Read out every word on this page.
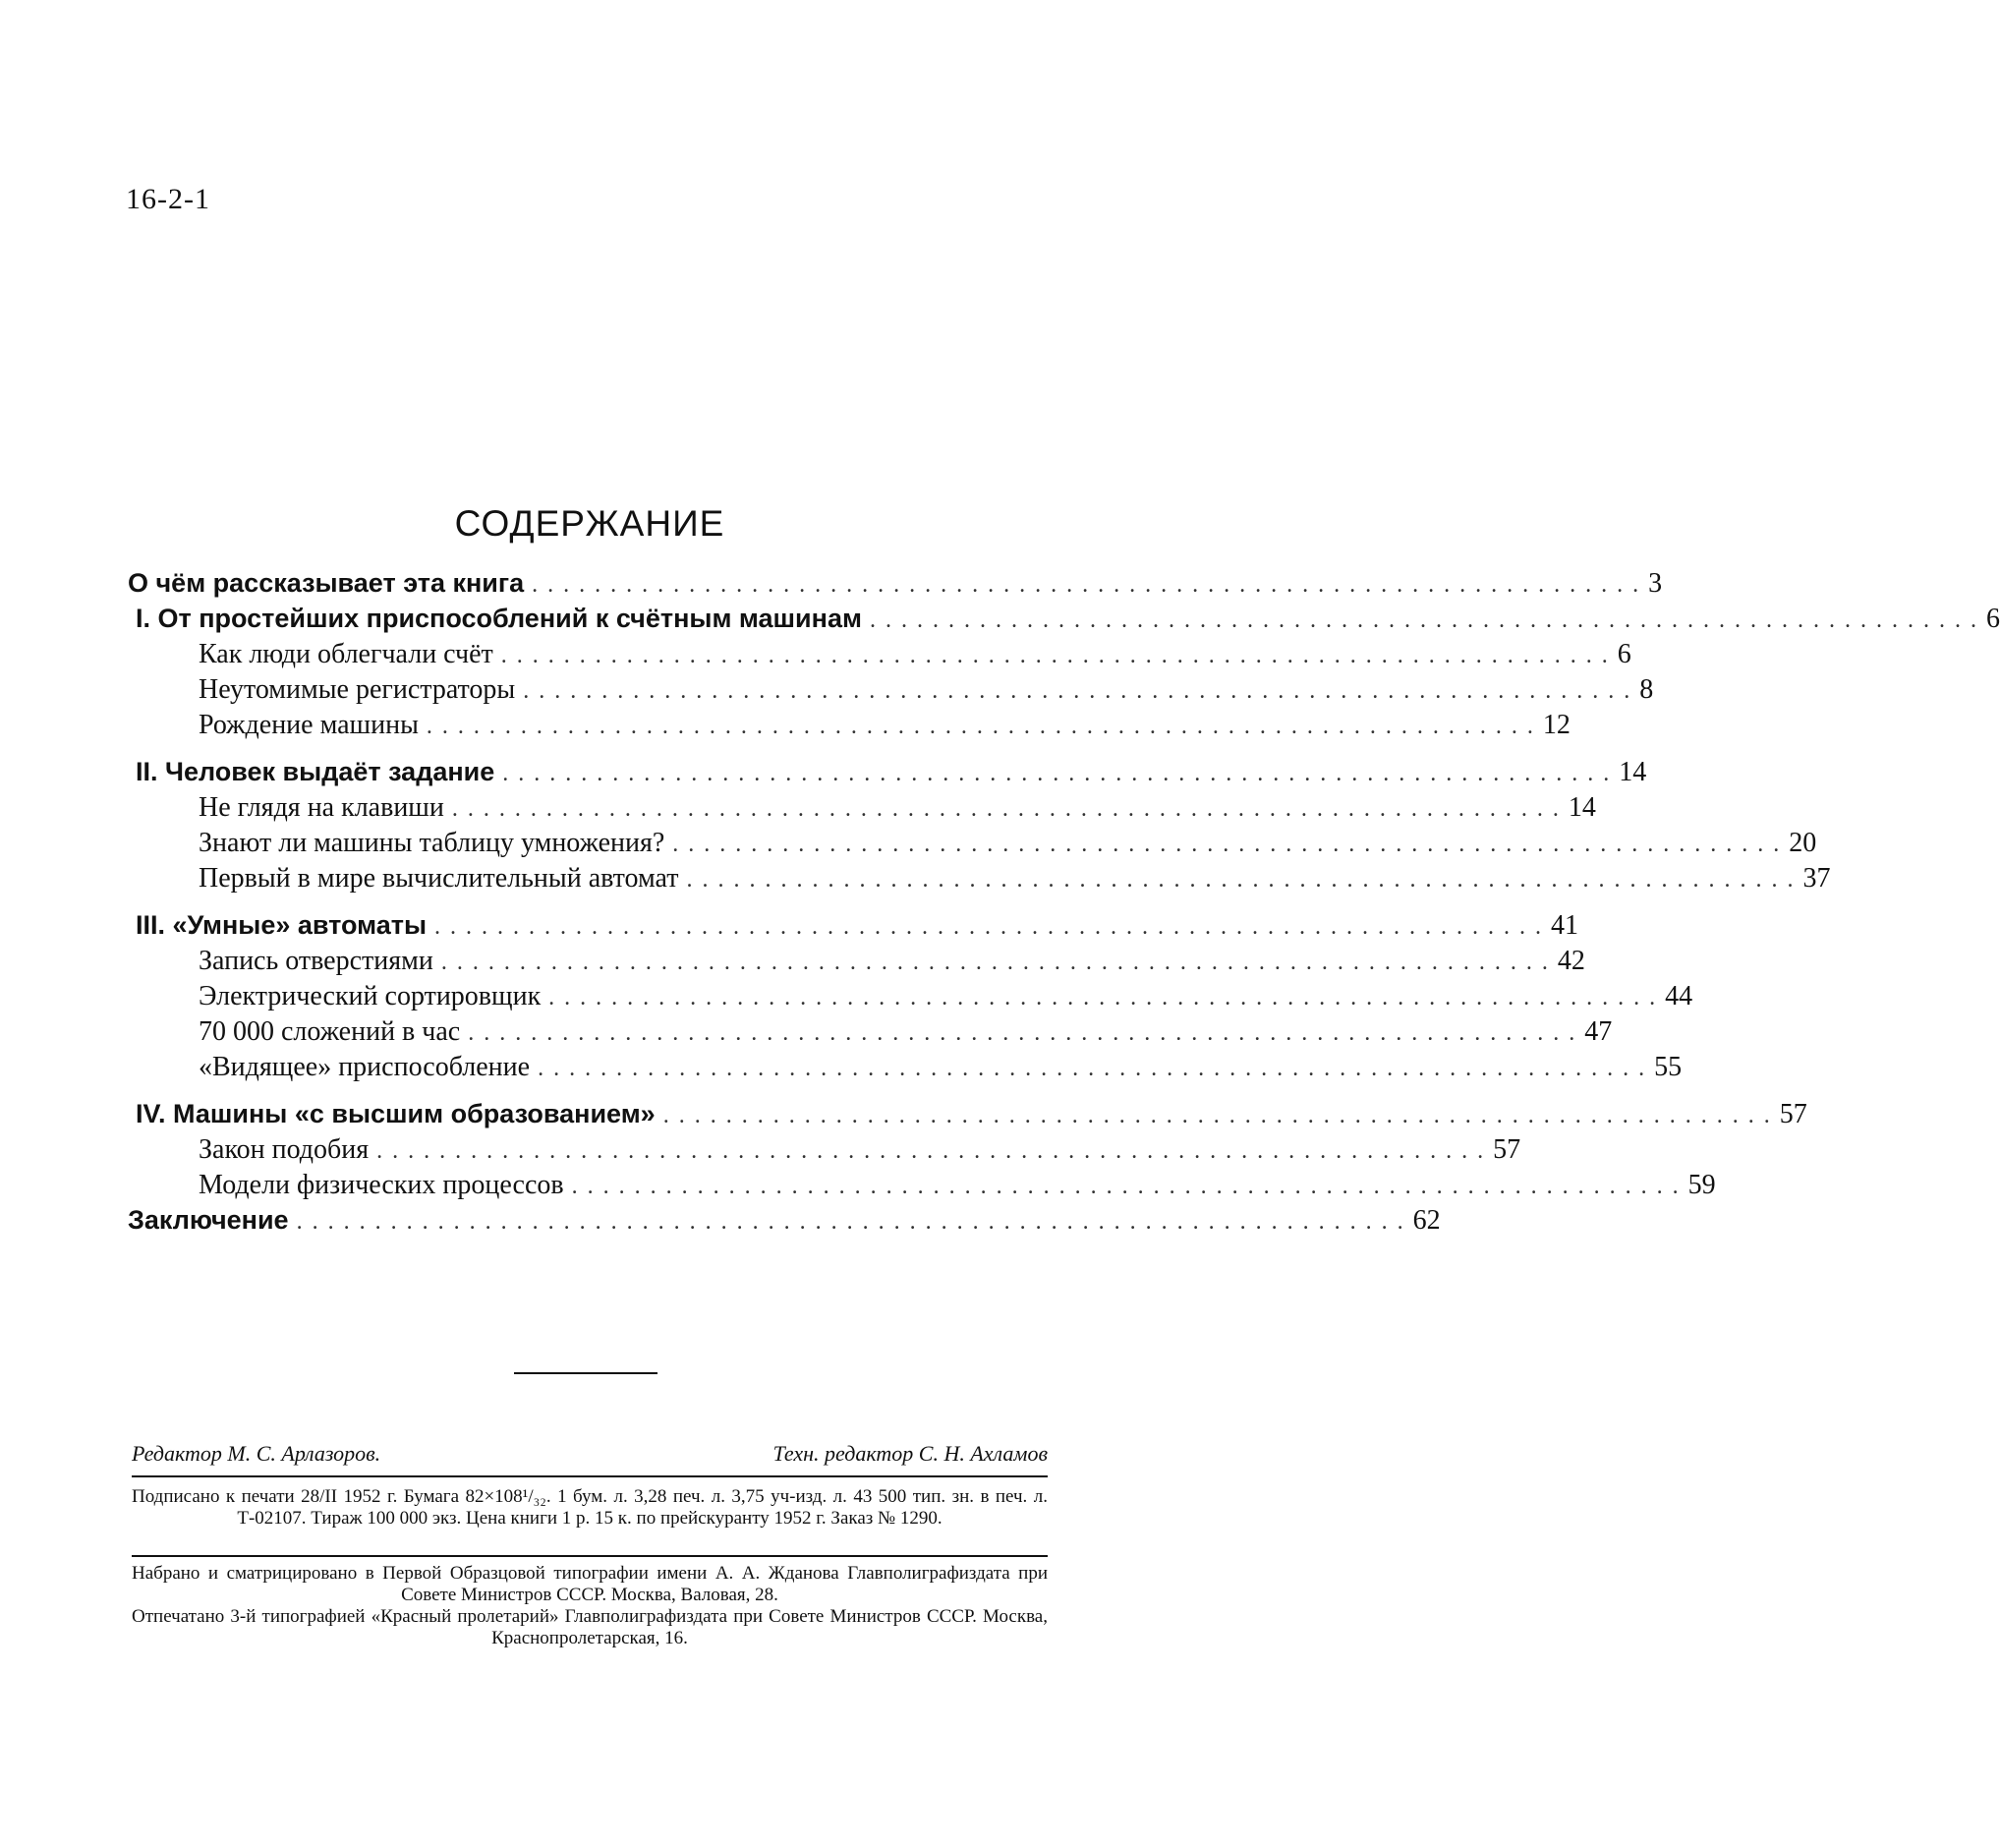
16-2-1
СОДЕРЖАНИЕ
О чём рассказывает эта книга ....................................................................... 3
I. От простейших приспособлений к счётным машинам ....................................................................... 6
Как люди облегчали счёт ....................................................................... 6
Неутомимые регистраторы ....................................................................... 8
Рождение машины ....................................................................... 12
II. Человек выдаёт задание ....................................................................... 14
Не глядя на клавиши ....................................................................... 14
Знают ли машины таблицу умножения? ....................................................................... 20
Первый в мире вычислительный автомат ....................................................................... 37
III. «Умные» автоматы ....................................................................... 41
Запись отверстиями ....................................................................... 42
Электрический сортировщик ....................................................................... 44
70 000 сложений в час ....................................................................... 47
«Видящее» приспособление ....................................................................... 55
IV. Машины «с высшим образованием» ....................................................................... 57
Закон подобия ....................................................................... 57
Модели физических процессов ....................................................................... 59
Заключение ....................................................................... 62
Редактор М. С. Арлазоров.	Техн. редактор С. Н. Ахламов
Подписано к печати 28/II 1952 г. Бумага 82×108¹/₃₂. 1 бум. л. 3,28 печ. л. 3,75 уч-изд. л. 43 500 тип. зн. в печ. л. Т-02107. Тираж 100 000 экз. Цена книги 1 р. 15 к. по прейскуранту 1952 г. Заказ № 1290.

Набрано и сматрицировано в Первой Образцовой типографии имени А. А. Жданова Главполиграфиздата при Совете Министров СССР. Москва, Валовая, 28.

Отпечатано 3-й типографией «Красный пролетарий» Главполиграфиздата при Совете Министров СССР. Москва, Краснопролетарская, 16.
